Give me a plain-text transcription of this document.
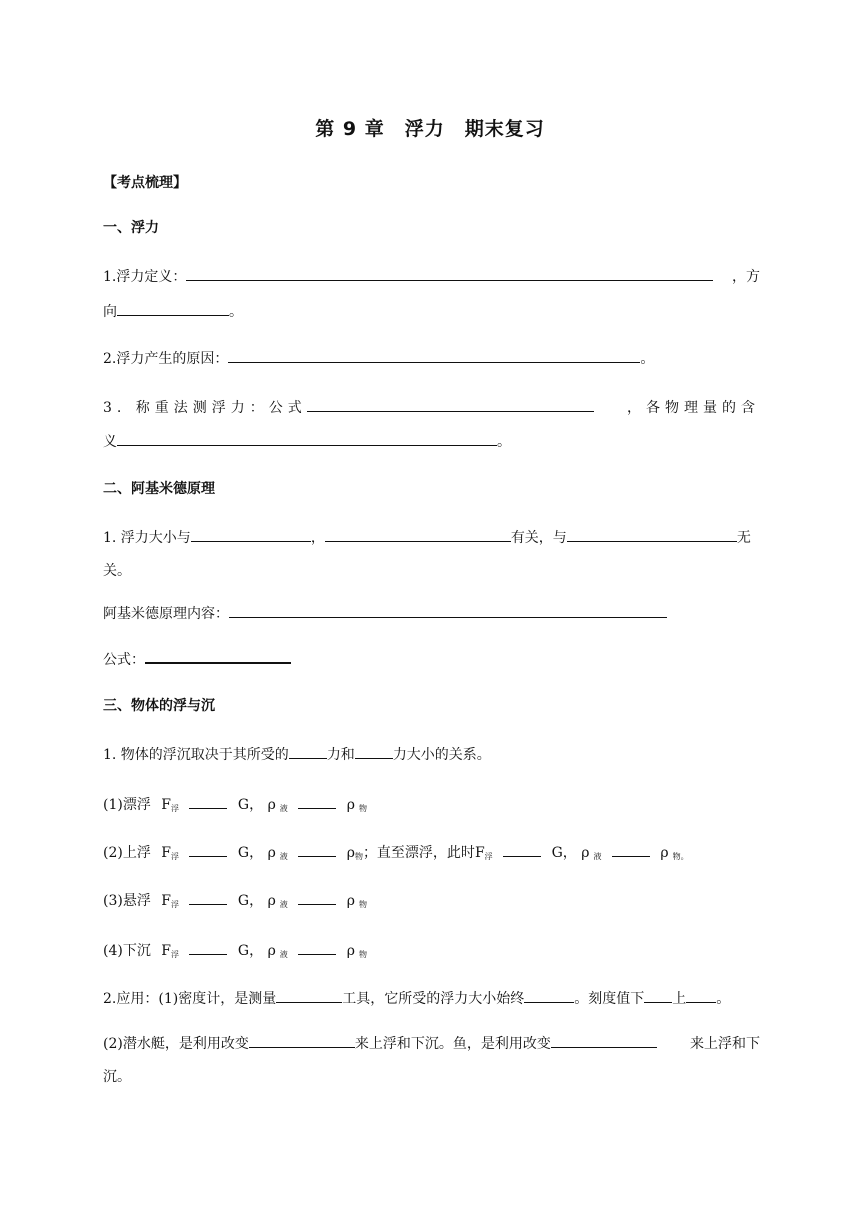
第 9 章　浮力　期末复习
【考点梳理】
一、浮力
1.浮力定义：	，方
向	。
2.浮力产生的原因：	。
3. 称重法测浮力：公式	，各物理量的含
义	。
二、阿基米德原理
1. 浮力大小与	，	有关，与	无
关。
阿基米德原理内容：
公式：
三、物体的浮与沉
1. 物体的浮沉取决于其所受的	力和	力大小的关系。
(1)漂浮 $F_浮$	G， ρ $_液$	ρ $_物$
(2)上浮 $F_浮$	G， ρ $_液$	$\rho_物$；直至漂浮，此时$F_浮$	G， ρ $_液$	ρ $_{物。}$
(3)悬浮 $F_浮$	G， ρ $_液$	ρ $_物$
(4)下沉 $F_浮$	G， ρ $_液$	ρ $_物$
2.应用：(1)密度计，是测量	工具，它所受的浮力大小始终	。刻度值下 上 。
(2)潜水艇，是利用改变	来上浮和下沉。鱼，是利用改变	来上浮和下
沉。
